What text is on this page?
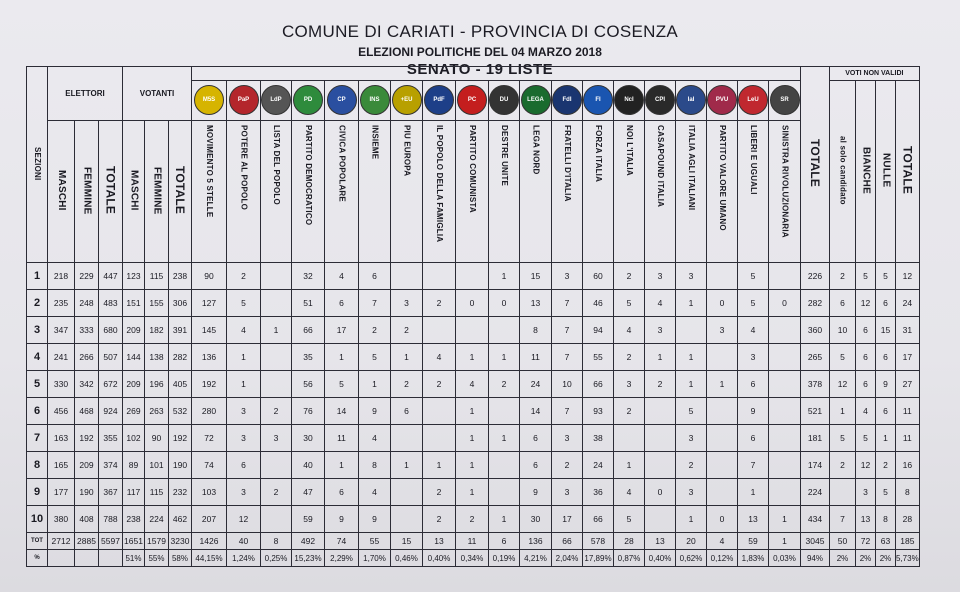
COMUNE DI CARIATI - PROVINCIA DI COSENZA
ELEZIONI POLITICHE DEL 04 MARZO 2018
SENATO - 19 LISTE
SEZIONI	ELETTORI			VOTANTI																						TOTALE	VOTI NON VALIDI			
							M5S	PaP	LdP	PD	CP	INS	+EU	PdF	PC	DU	LEGA	FdI	FI	NcI	CPI	IaI	PVU	LeU	SR		al solo candidato	BIANCHE	NULLE	TOTALE
	MASCHI	FEMMINE	TOTALE	MASCHI	FEMMINE	TOTALE	MOVIMENTO 5 STELLE	POTERE AL POPOLO	LISTA DEL POPOLO	PARTITO DEMOCRATICO	CIVICA POPOLARE	INSIEME	PIU EUROPA	IL POPOLO DELLA FAMIGLIA	PARTITO COMUNISTA	DESTRE UNITE	LEGA NORD	FRATELLI D'ITALIA	FORZA ITALIA	NOI L'ITALIA	CASAPOUND ITALIA	ITALIA AGLI ITALIANI	PARTITO VALORE UMANO	LIBERI E UGUALI	SINISTRA RIVOLUZIONARIA					
1	218	229	447	123	115	238	90	2		32	4	6				1	15	3	60	2	3	3		5		226	2	5	5	12
2	235	248	483	151	155	306	127	5		51	6	7	3	2	0	0	13	7	46	5	4	1	0	5	0	282	6	12	6	24
3	347	333	680	209	182	391	145	4	1	66	17	2	2				8	7	94	4	3		3	4		360	10	6	15	31
4	241	266	507	144	138	282	136	1		35	1	5	1	4	1	1	11	7	55	2	1	1		3		265	5	6	6	17
5	330	342	672	209	196	405	192	1		56	5	1	2	2	4	2	24	10	66	3	2	1	1	6		378	12	6	9	27
6	456	468	924	269	263	532	280	3	2	76	14	9	6		1		14	7	93	2		5		9		521	1	4	6	11
7	163	192	355	102	90	192	72	3	3	30	11	4			1	1	6	3	38			3		6		181	5	5	1	11
8	165	209	374	89	101	190	74	6		40	1	8	1	1	1		6	2	24	1		2		7		174	2	12	2	16
9	177	190	367	117	115	232	103	3	2	47	6	4		2	1		9	3	36	4	0	3		1		224		3	5	8
10	380	408	788	238	224	462	207	12		59	9	9		2	2	1	30	17	66	5		1	0	13	1	434	7	13	8	28
TOT	2712	2885	5597	1651	1579	3230	1426	40	8	492	74	55	15	13	11	6	136	66	578	28	13	20	4	59	1	3045	50	72	63	185
%				51%	55%	58%	44,15%	1,24%	0,25%	15,23%	2,29%	1,70%	0,46%	0,40%	0,34%	0,19%	4,21%	2,04%	17,89%	0,87%	0,40%	0,62%	0,12%	1,83%	0,03%	94%	2%	2%	2%	5,73%
